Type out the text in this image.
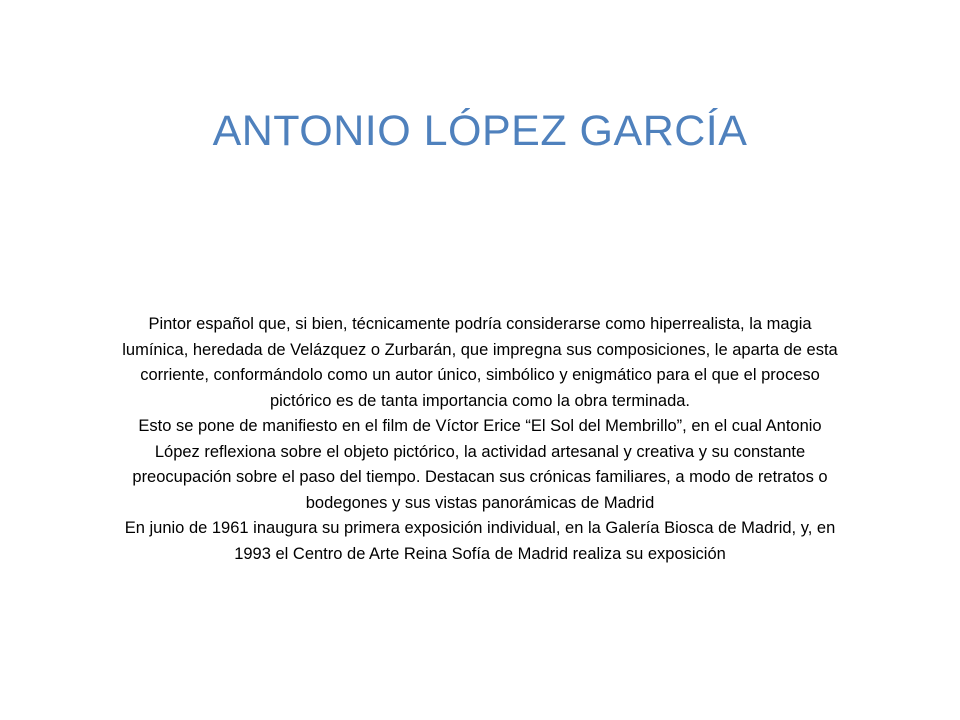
ANTONIO LÓPEZ GARCÍA

Pintor español que, si bien, técnicamente podría considerarse como hiperrealista, la magia lumínica, heredada de Velázquez o Zurbarán, que impregna sus composiciones, le aparta de esta corriente, conformándolo como un autor único, simbólico y enigmático para el que el proceso pictórico es de tanta importancia como la obra terminada.

Esto se pone de manifiesto en el film de Víctor Erice “El Sol del Membrillo”, en el cual Antonio López reflexiona sobre el objeto pictórico, la actividad artesanal y creativa y su constante preocupación sobre el paso del tiempo. Destacan sus crónicas familiares, a modo de retratos o bodegones y sus vistas panorámicas de Madrid

En junio de 1961 inaugura su primera exposición individual, en la Galería Biosca de Madrid, y, en 1993 el Centro de Arte Reina Sofía de Madrid realiza su exposición
